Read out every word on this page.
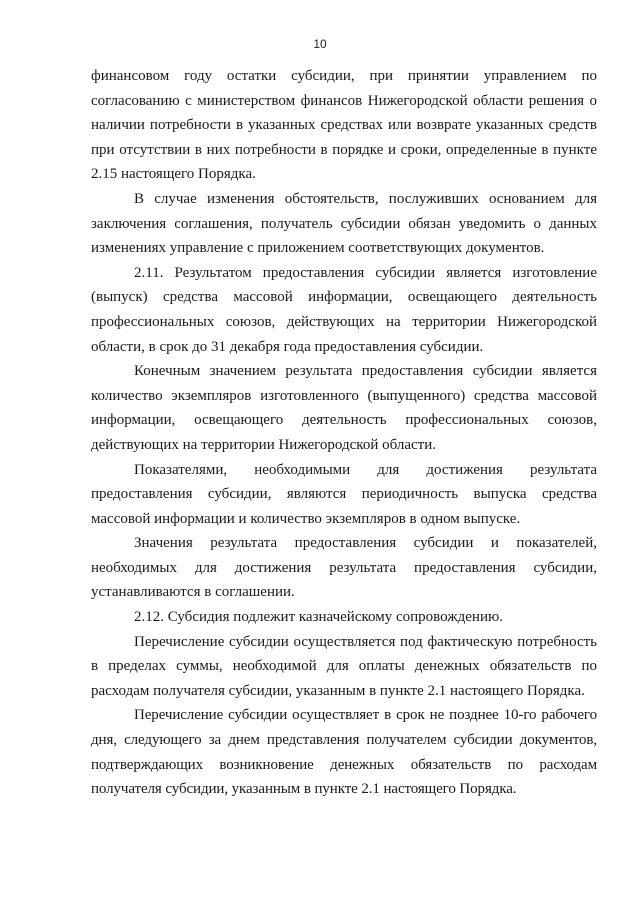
10

финансовом году остатки субсидии, при принятии управлением по согласованию с министерством финансов Нижегородской области решения о наличии потребности в указанных средствах или возврате указанных средств при отсутствии в них потребности в порядке и сроки, определенные в пункте 2.15 настоящего Порядка.

В случае изменения обстоятельств, послуживших основанием для заключения соглашения, получатель субсидии обязан уведомить о данных изменениях управление с приложением соответствующих документов.

2.11. Результатом предоставления субсидии является изготовление (выпуск) средства массовой информации, освещающего деятельность профессиональных союзов, действующих на территории Нижегородской области, в срок до 31 декабря года предоставления субсидии.

Конечным значением результата предоставления субсидии является количество экземпляров изготовленного (выпущенного) средства массовой информации, освещающего деятельность профессиональных союзов, действующих на территории Нижегородской области.

Показателями, необходимыми для достижения результата предоставления субсидии, являются периодичность выпуска средства массовой информации и количество экземпляров в одном выпуске.

Значения результата предоставления субсидии и показателей, необходимых для достижения результата предоставления субсидии, устанавливаются в соглашении.

2.12. Субсидия подлежит казначейскому сопровождению.

Перечисление субсидии осуществляется под фактическую потребность в пределах суммы, необходимой для оплаты денежных обязательств по расходам получателя субсидии, указанным в пункте 2.1 настоящего Порядка.

Перечисление субсидии осуществляет в срок не позднее 10-го рабочего дня, следующего за днем представления получателем субсидии документов, подтверждающих возникновение денежных обязательств по расходам получателя субсидии, указанным в пункте 2.1 настоящего Порядка.
